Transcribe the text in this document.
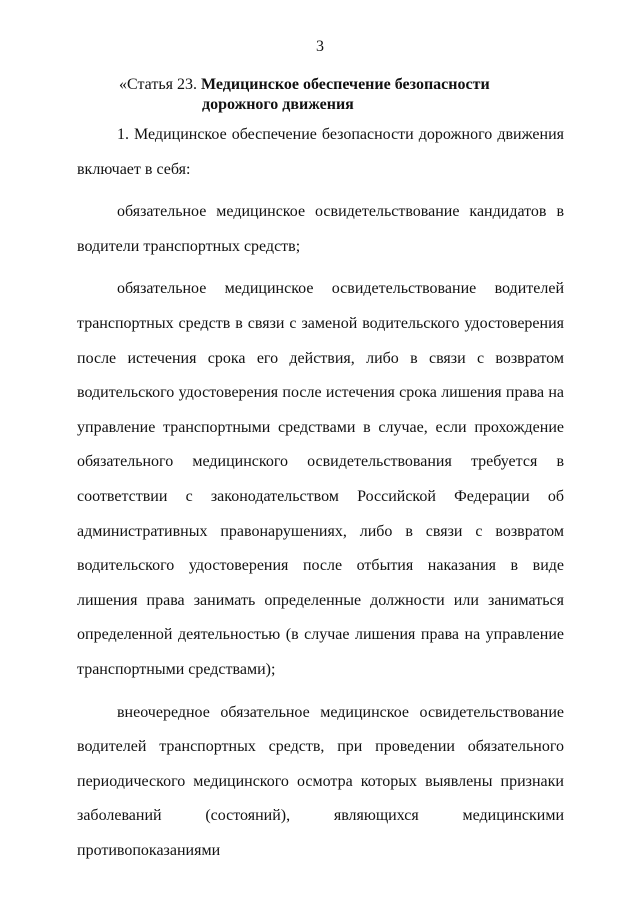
3
«Статья 23. Медицинское обеспечение безопасности
дорожного движения

1. Медицинское обеспечение безопасности дорожного движения включает в себя:

обязательное медицинское освидетельствование кандидатов в водители транспортных средств;

обязательное медицинское освидетельствование водителей транспортных средств в связи с заменой водительского удостоверения после истечения срока его действия, либо в связи с возвратом водительского удостоверения после истечения срока лишения права на управление транспортными средствами в случае, если прохождение обязательного медицинского освидетельствования требуется в соответствии с законодательством Российской Федерации об административных правонарушениях, либо в связи с возвратом водительского удостоверения после отбытия наказания в виде лишения права занимать определенные должности или заниматься определенной деятельностью (в случае лишения права на управление транспортными средствами);

внеочередное обязательное медицинское освидетельствование водителей транспортных средств, при проведении обязательного периодического медицинского осмотра которых выявлены признаки заболеваний (состояний), являющихся медицинскими противопоказаниями
